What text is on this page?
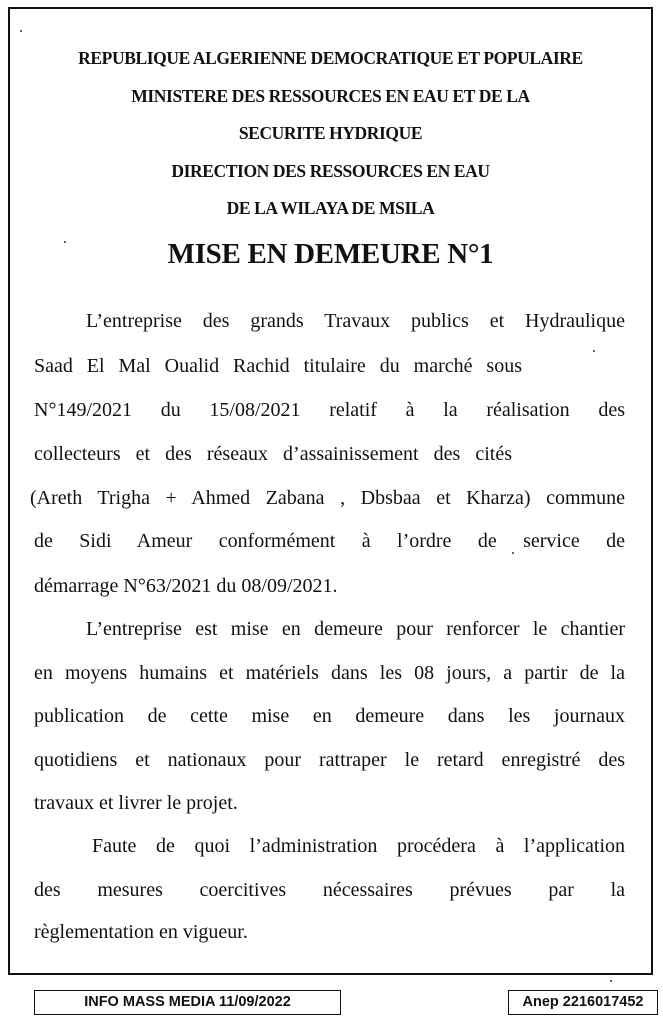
REPUBLIQUE ALGERIENNE DEMOCRATIQUE ET POPULAIRE
MINISTERE DES RESSOURCES EN EAU ET DE LA
SECURITE HYDRIQUE
DIRECTION DES RESSOURCES EN EAU
DE LA WILAYA DE MSILA
MISE EN DEMEURE N°1
L’entreprise des grands Travaux publics et Hydraulique
Saad El Mal Oualid Rachid titulaire du marché sous
N°149/2021 du 15/08/2021 relatif à la réalisation des
collecteurs et des réseaux d’assainissement des cités
(Areth Trigha + Ahmed Zabana , Dbsbaa et Kharza) commune
de Sidi Ameur conformément à l’ordre de service de
démarrage N°63/2021 du 08/09/2021.
L’entreprise est mise en demeure pour renforcer le chantier
en moyens humains et matériels dans les 08 jours, a partir de la
publication de cette mise en demeure dans les journaux
quotidiens et nationaux pour rattraper le retard enregistré des
travaux et livrer le projet.
Faute de quoi l’administration procédera à l’application
des mesures coercitives nécessaires prévues par la
règlementation en vigueur.
INFO MASS MEDIA 11/09/2022	Anep 2216017452
